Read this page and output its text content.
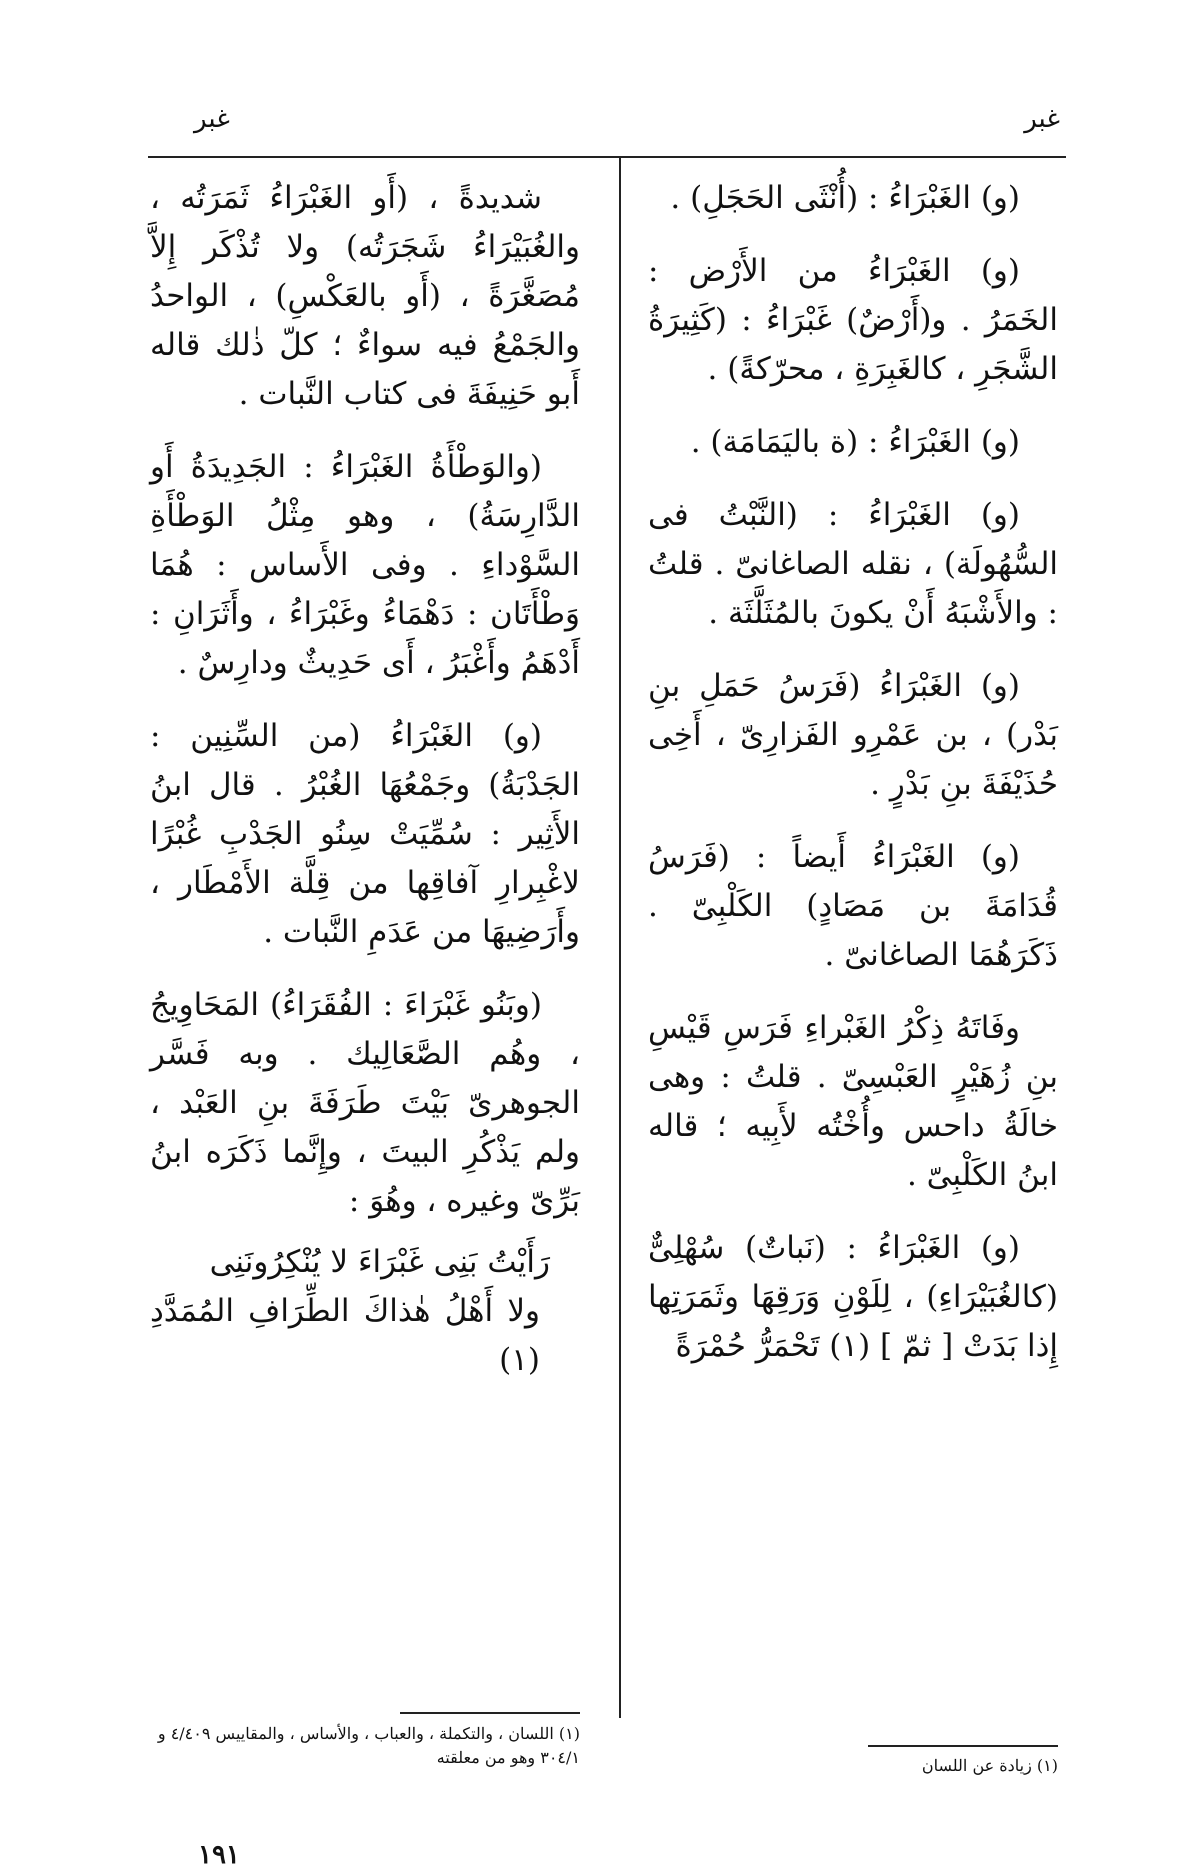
غبر
غبر

(و) الغَبْرَاءُ : (أُنْثَى الحَجَلِ) .

(و) الغَبْرَاءُ من الأَرْض : الخَمَرُ . و(أَرْضٌ) غَبْرَاءُ : (كَثِيرَةُ الشَّجَرِ ، كالغَبِرَةِ ، محرّكةً) .

(و) الغَبْرَاءُ : (ة باليَمَامَة) .

(و) الغَبْرَاءُ : (النَّبْتُ فى السُّهُولَة) ، نقله الصاغانىّ . قلتُ : والأَشْبَهُ أَنْ يكونَ بالمُثَلَّثَة .

(و) الغَبْرَاءُ (فَرَسُ حَمَلِ بنِ بَدْر) ، بن عَمْرِو الفَزارِىّ ، أَخِى حُذَيْفَةَ بنِ بَدْرٍ .

(و) الغَبْرَاءُ أَيضاً : (فَرَسُ قُدَامَةَ بن مَصَادٍ) الكَلْبِىّ . ذَكَرَهُمَا الصاغانىّ .

وفَاتَهُ ذِكْرُ الغَبْراءِ فَرَسِ قَيْسِ بنِ زُهَيْرٍ العَبْسِىّ . قلتُ : وهى خالَةُ داحس وأُخْتُه لأَبِيه ؛ قاله ابنُ الكَلْبِىّ .

(و) الغَبْرَاءُ : (نَباتٌ) سُهْلِىٌّ (كالغُبَيْرَاءِ) ، لِلَوْنِ وَرَقِهَا وثَمَرَتِها إِذا بَدَتْ [ ثمّ ] (١) تَحْمَرُّ حُمْرَةً

شديدةً ، (أَو الغَبْرَاءُ ثَمَرَتُه ، والغُبَيْرَاءُ شَجَرَتُه) ولا تُذْكَر إِلاَّ مُصَغَّرَةً ، (أَو بالعَكْسِ) ، الواحدُ والجَمْعُ فيه سواءٌ ؛ كلّ ذٰلك قاله أَبو حَنِيفَةَ فى كتاب النَّبات .

(والوَطْأَةُ الغَبْرَاءُ : الجَدِيدَةُ أَو الدَّارِسَةُ) ، وهو مِثْلُ الوَطْأَةِ السَّوْداءِ . وفى الأَساس : هُمَا وَطْأَتَان : دَهْمَاءُ وغَبْرَاءُ ، وأَثَرَانِ : أَدْهَمُ وأَغْبَرُ ، أَى حَدِيثٌ ودارِسٌ .

(و) الغَبْرَاءُ (من السِّنِين : الجَدْبَةُ) وجَمْعُهَا الغُبْرُ . قال ابنُ الأَثِير : سُمِّيَتْ سِنُو الجَدْبِ غُبْرًا لاغْبِرارِ آفاقِها من قِلَّة الأَمْطَار ، وأَرَضِيهَا من عَدَمِ النَّبات .

(وبَنُو غَبْرَاءَ : الفُقَرَاءُ) المَحَاوِيجُ ، وهُم الصَّعَالِيك . وبه فَسَّر الجوهرىّ بَيْتَ طَرَفَةَ بنِ العَبْد ، ولم يَذْكُرِ البيتَ ، وإِنَّما ذَكَرَه ابنُ بَرِّىّ وغيره ، وهُوَ :

رَأَيْتُ بَنِى غَبْرَاءَ لا يُنْكِرُونَنِى

ولا أَهْلُ هٰذاكَ الطِّرَافِ المُمَدَّدِ (١)

(١) زيادة عن اللسان
(١) اللسان ، والتكملة ، والعباب ، والأساس ، والمقاييس ٤/٤٠٩ و ٣٠٤/١ وهو من معلقته
١٩١
